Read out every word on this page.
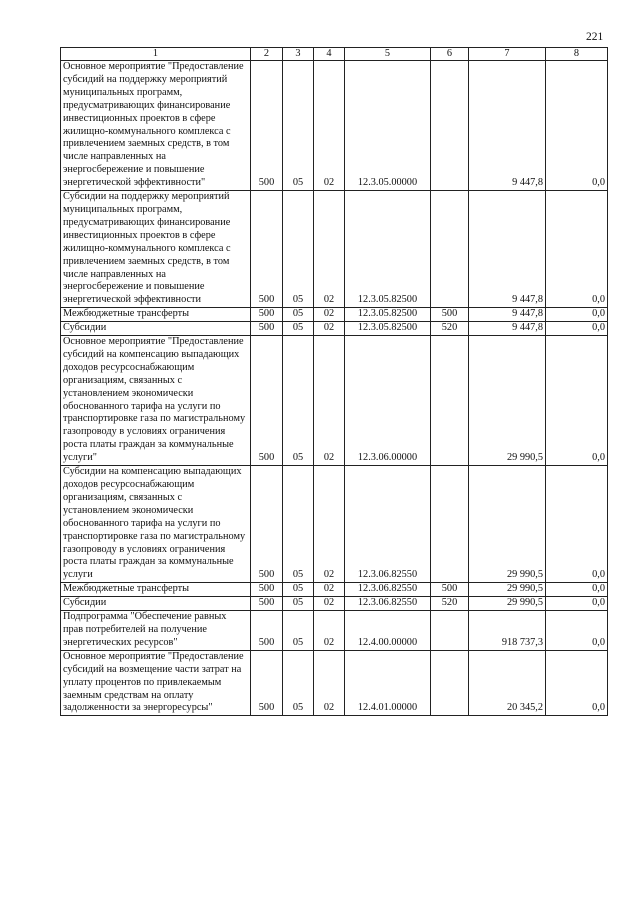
221
1	2	3	4	5	6	7	8
Основное мероприятие "Предоставление субсидий на поддержку мероприятий муниципальных программ, предусматривающих финансирование инвестиционных проектов в сфере жилищно-коммунального комплекса с привлечением заемных средств, в том числе направленных на энергосбережение и повышение энергетической эффективности"	500	05	02	12.3.05.00000		9 447,8	0,0
Субсидии на поддержку мероприятий муниципальных программ, предусматривающих финансирование инвестиционных проектов в сфере жилищно-коммунального комплекса с привлечением заемных средств, в том числе направленных на энергосбережение и повышение энергетической эффективности	500	05	02	12.3.05.82500		9 447,8	0,0
Межбюджетные трансферты	500	05	02	12.3.05.82500	500	9 447,8	0,0
Субсидии	500	05	02	12.3.05.82500	520	9 447,8	0,0
Основное мероприятие "Предоставление субсидий на компенсацию выпадающих доходов ресурсоснабжающим организациям, связанных с установлением экономически обоснованного тарифа на услуги по транспортировке газа по магистральному газопроводу в условиях ограничения роста платы граждан за коммунальные услуги"	500	05	02	12.3.06.00000		29 990,5	0,0
Субсидии на компенсацию выпадающих доходов ресурсоснабжающим организациям, связанных с установлением экономически обоснованного тарифа на услуги по транспортировке газа по магистральному газопроводу в условиях ограничения роста платы граждан за коммунальные услуги	500	05	02	12.3.06.82550		29 990,5	0,0
Межбюджетные трансферты	500	05	02	12.3.06.82550	500	29 990,5	0,0
Субсидии	500	05	02	12.3.06.82550	520	29 990,5	0,0
Подпрограмма "Обеспечение равных прав потребителей на получение энергетических ресурсов"	500	05	02	12.4.00.00000		918 737,3	0,0
Основное мероприятие "Предоставление субсидий на возмещение части затрат на уплату процентов по привлекаемым заемным средствам на оплату задолженности за энергоресурсы"	500	05	02	12.4.01.00000		20 345,2	0,0
